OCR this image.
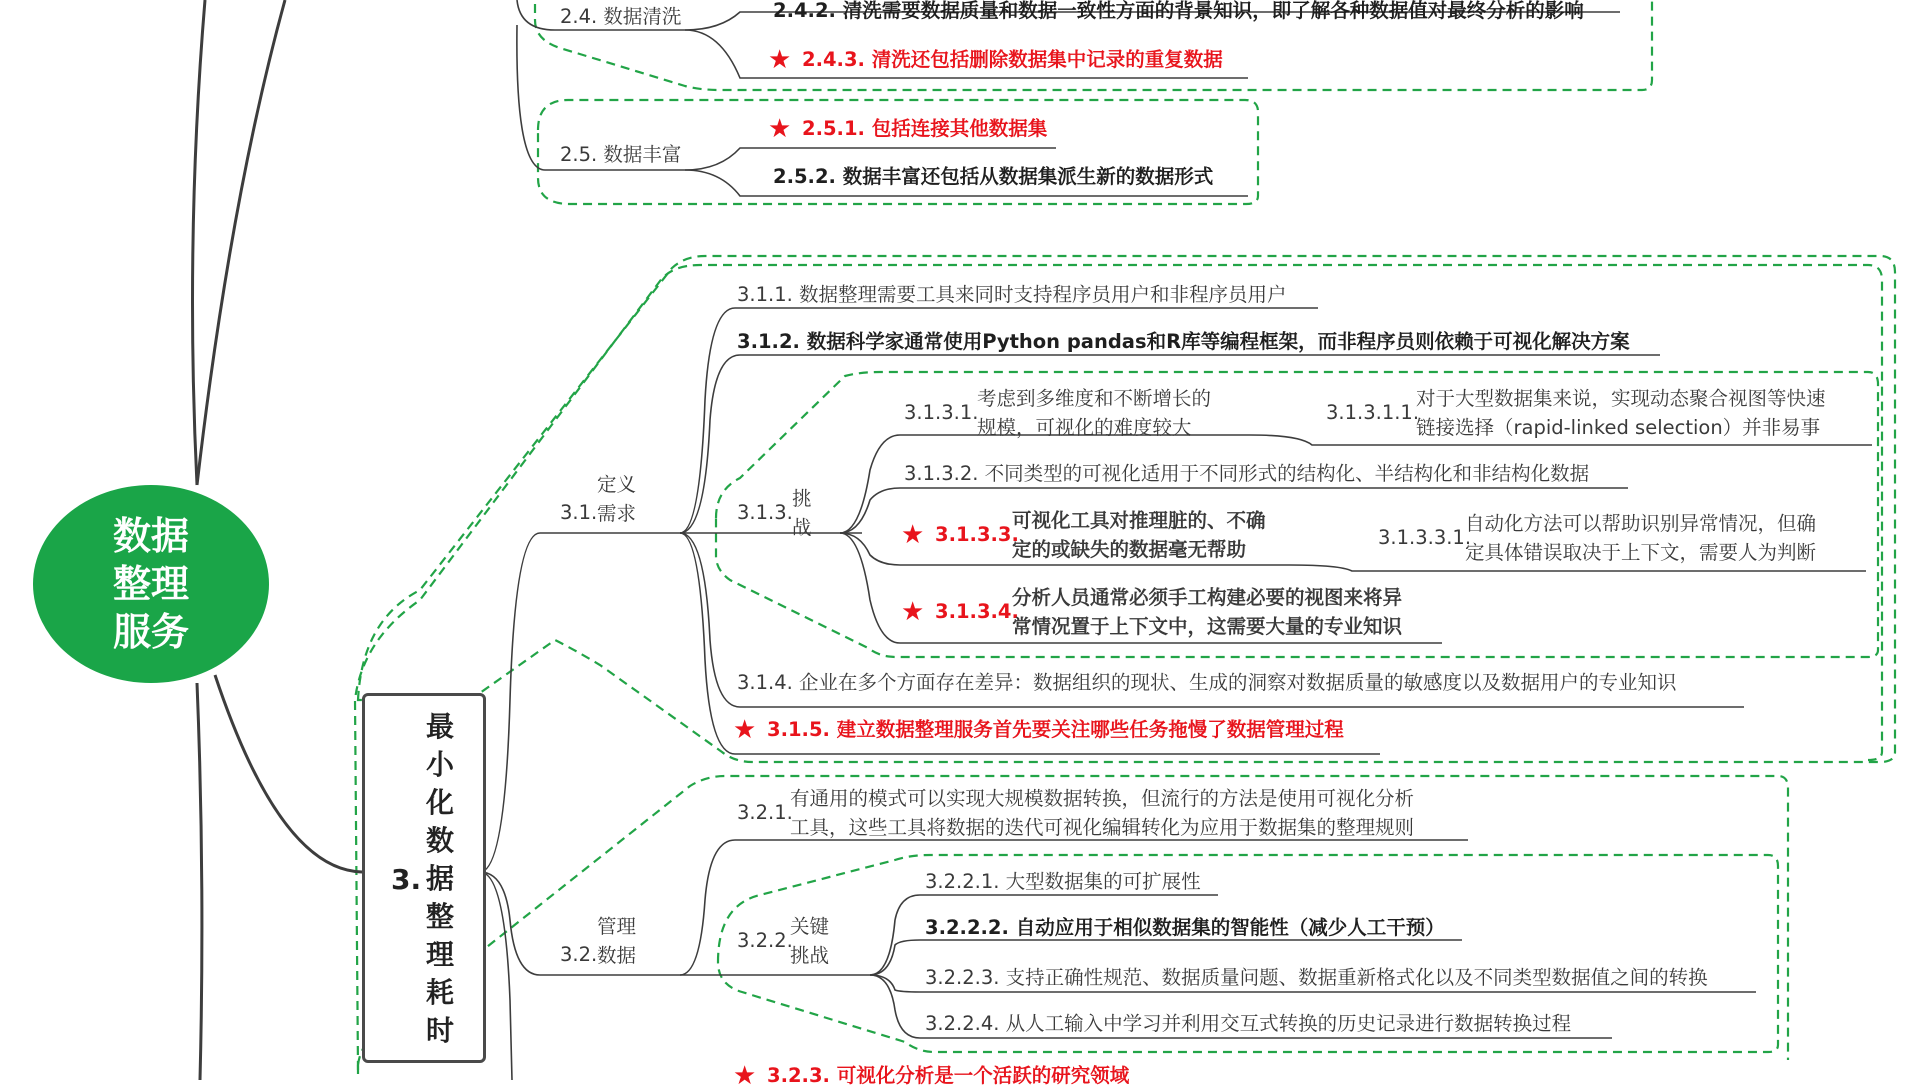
数据整理服务
3.
最小化数据整理耗时
2.4. 数据清洗	2.4.2. 清洗需要数据质量和数据一致性方面的背景知识，即了解各种数据值对最终分析的影响
★ 2.4.3. 清洗还包括删除数据集中记录的重复数据
2.5. 数据丰富
★ 2.5.1. 包括连接其他数据集
2.5.2. 数据丰富还包括从数据集派生新的数据形式
3.1.
定义
需求
3.1.1. 数据整理需要工具来同时支持程序员用户和非程序员用户
3.1.2. 数据科学家通常使用Python pandas和R库等编程框架，而非程序员则依赖于可视化解决方案
3.1.3.
挑
战
3.1.3.1.
考虑到多维度和不断增长的
规模，可视化的难度较大
3.1.3.1.1.
对于大型数据集来说，实现动态聚合视图等快速
链接选择（rapid-linked selection）并非易事
3.1.3.2. 不同类型的可视化适用于不同形式的结构化、半结构化和非结构化数据
★ 3.1.3.3.
可视化工具对推理脏的、不确
定的或缺失的数据毫无帮助
3.1.3.3.1.
自动化方法可以帮助识别异常情况，但确
定具体错误取决于上下文，需要人为判断
★ 3.1.3.4.
分析人员通常必须手工构建必要的视图来将异
常情况置于上下文中，这需要大量的专业知识
3.1.4. 企业在多个方面存在差异：数据组织的现状、生成的洞察对数据质量的敏感度以及数据用户的专业知识
★ 3.1.5. 建立数据整理服务首先要关注哪些任务拖慢了数据管理过程
3.2.
管理
数据
3.2.1.
有通用的模式可以实现大规模数据转换，但流行的方法是使用可视化分析
工具，这些工具将数据的迭代可视化编辑转化为应用于数据集的整理规则
3.2.2.
关键
挑战
3.2.2.1. 大型数据集的可扩展性
3.2.2.2. 自动应用于相似数据集的智能性（减少人工干预）
3.2.2.3. 支持正确性规范、数据质量问题、数据重新格式化以及不同类型数据值之间的转换
3.2.2.4. 从人工输入中学习并利用交互式转换的历史记录进行数据转换过程
★ 3.2.3. 可视化分析是一个活跃的研究领域
